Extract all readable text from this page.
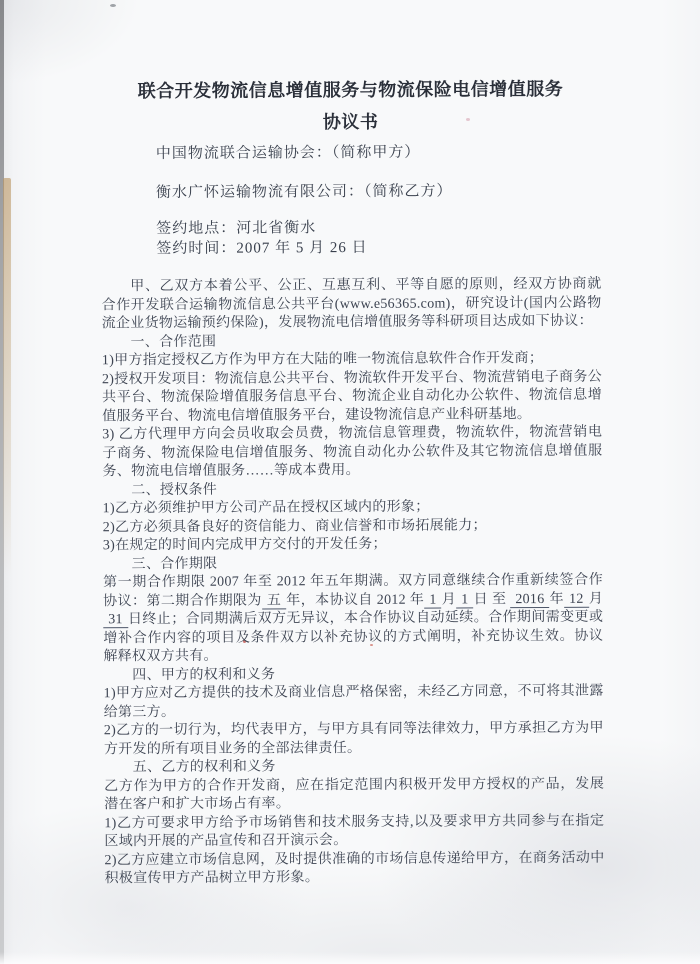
联合开发物流信息增值服务与物流保险电信增值服务

协议书

中国物流联合运输协会：（简称甲方）

衡水广怀运输物流有限公司：（简称乙方）

签约地点：河北省衡水

签约时间：2007 年 5 月 26 日

甲、乙双方本着公平、公正、互惠互利、平等自愿的原则，经双方协商就合作开发联合运输物流信息公共平台(www.e56365.com)，研究设计(国内公路物流企业货物运输预约保险)，发展物流电信增值服务等科研项目达成如下协议：

一、合作范围

1)甲方指定授权乙方作为甲方在大陆的唯一物流信息软件合作开发商；

2)授权开发项目：物流信息公共平台、物流软件开发平台、物流营销电子商务公共平台、物流保险增值服务信息平台、物流企业自动化办公软件、物流信息增值服务平台、物流电信增值服务平台，建设物流信息产业科研基地。

3) 乙方代理甲方向会员收取会员费，物流信息管理费，物流软件，物流营销电子商务、物流保险电信增值服务、物流自动化办公软件及其它物流信息增值服务、物流电信增值服务……等成本费用。

二、授权条件

1)乙方必须维护甲方公司产品在授权区域内的形象；

2)乙方必须具备良好的资信能力、商业信誉和市场拓展能力；

3)在规定的时间内完成甲方交付的开发任务；

三、合作期限

第一期合作期限 2007 年至 2012 年五年期满。双方同意继续合作重新续签合作协议：第二期合作期限为 五 年，本协议自 2012 年 1 月 1 日 至 2016 年 12 月31 日终止；合同期满后双方无异议，本合作协议自动延续。合作期间需变更或增补合作内容的项目及条件双方以补充协议的方式阐明，补充协议生效。协议解释权双方共有。

四、甲方的权利和义务

1)甲方应对乙方提供的技术及商业信息严格保密，未经乙方同意，不可将其泄露给第三方。

2)乙方的一切行为，均代表甲方，与甲方具有同等法律效力，甲方承担乙方为甲方开发的所有项目业务的全部法律责任。

五、乙方的权利和义务

乙方作为甲方的合作开发商，应在指定范围内积极开发甲方授权的产品，发展潜在客户和扩大市场占有率。

1)乙方可要求甲方给予市场销售和技术服务支持,以及要求甲方共同参与在指定区域内开展的产品宣传和召开演示会。

2)乙方应建立市场信息网，及时提供准确的市场信息传递给甲方，在商务活动中积极宣传甲方产品树立甲方形象。
